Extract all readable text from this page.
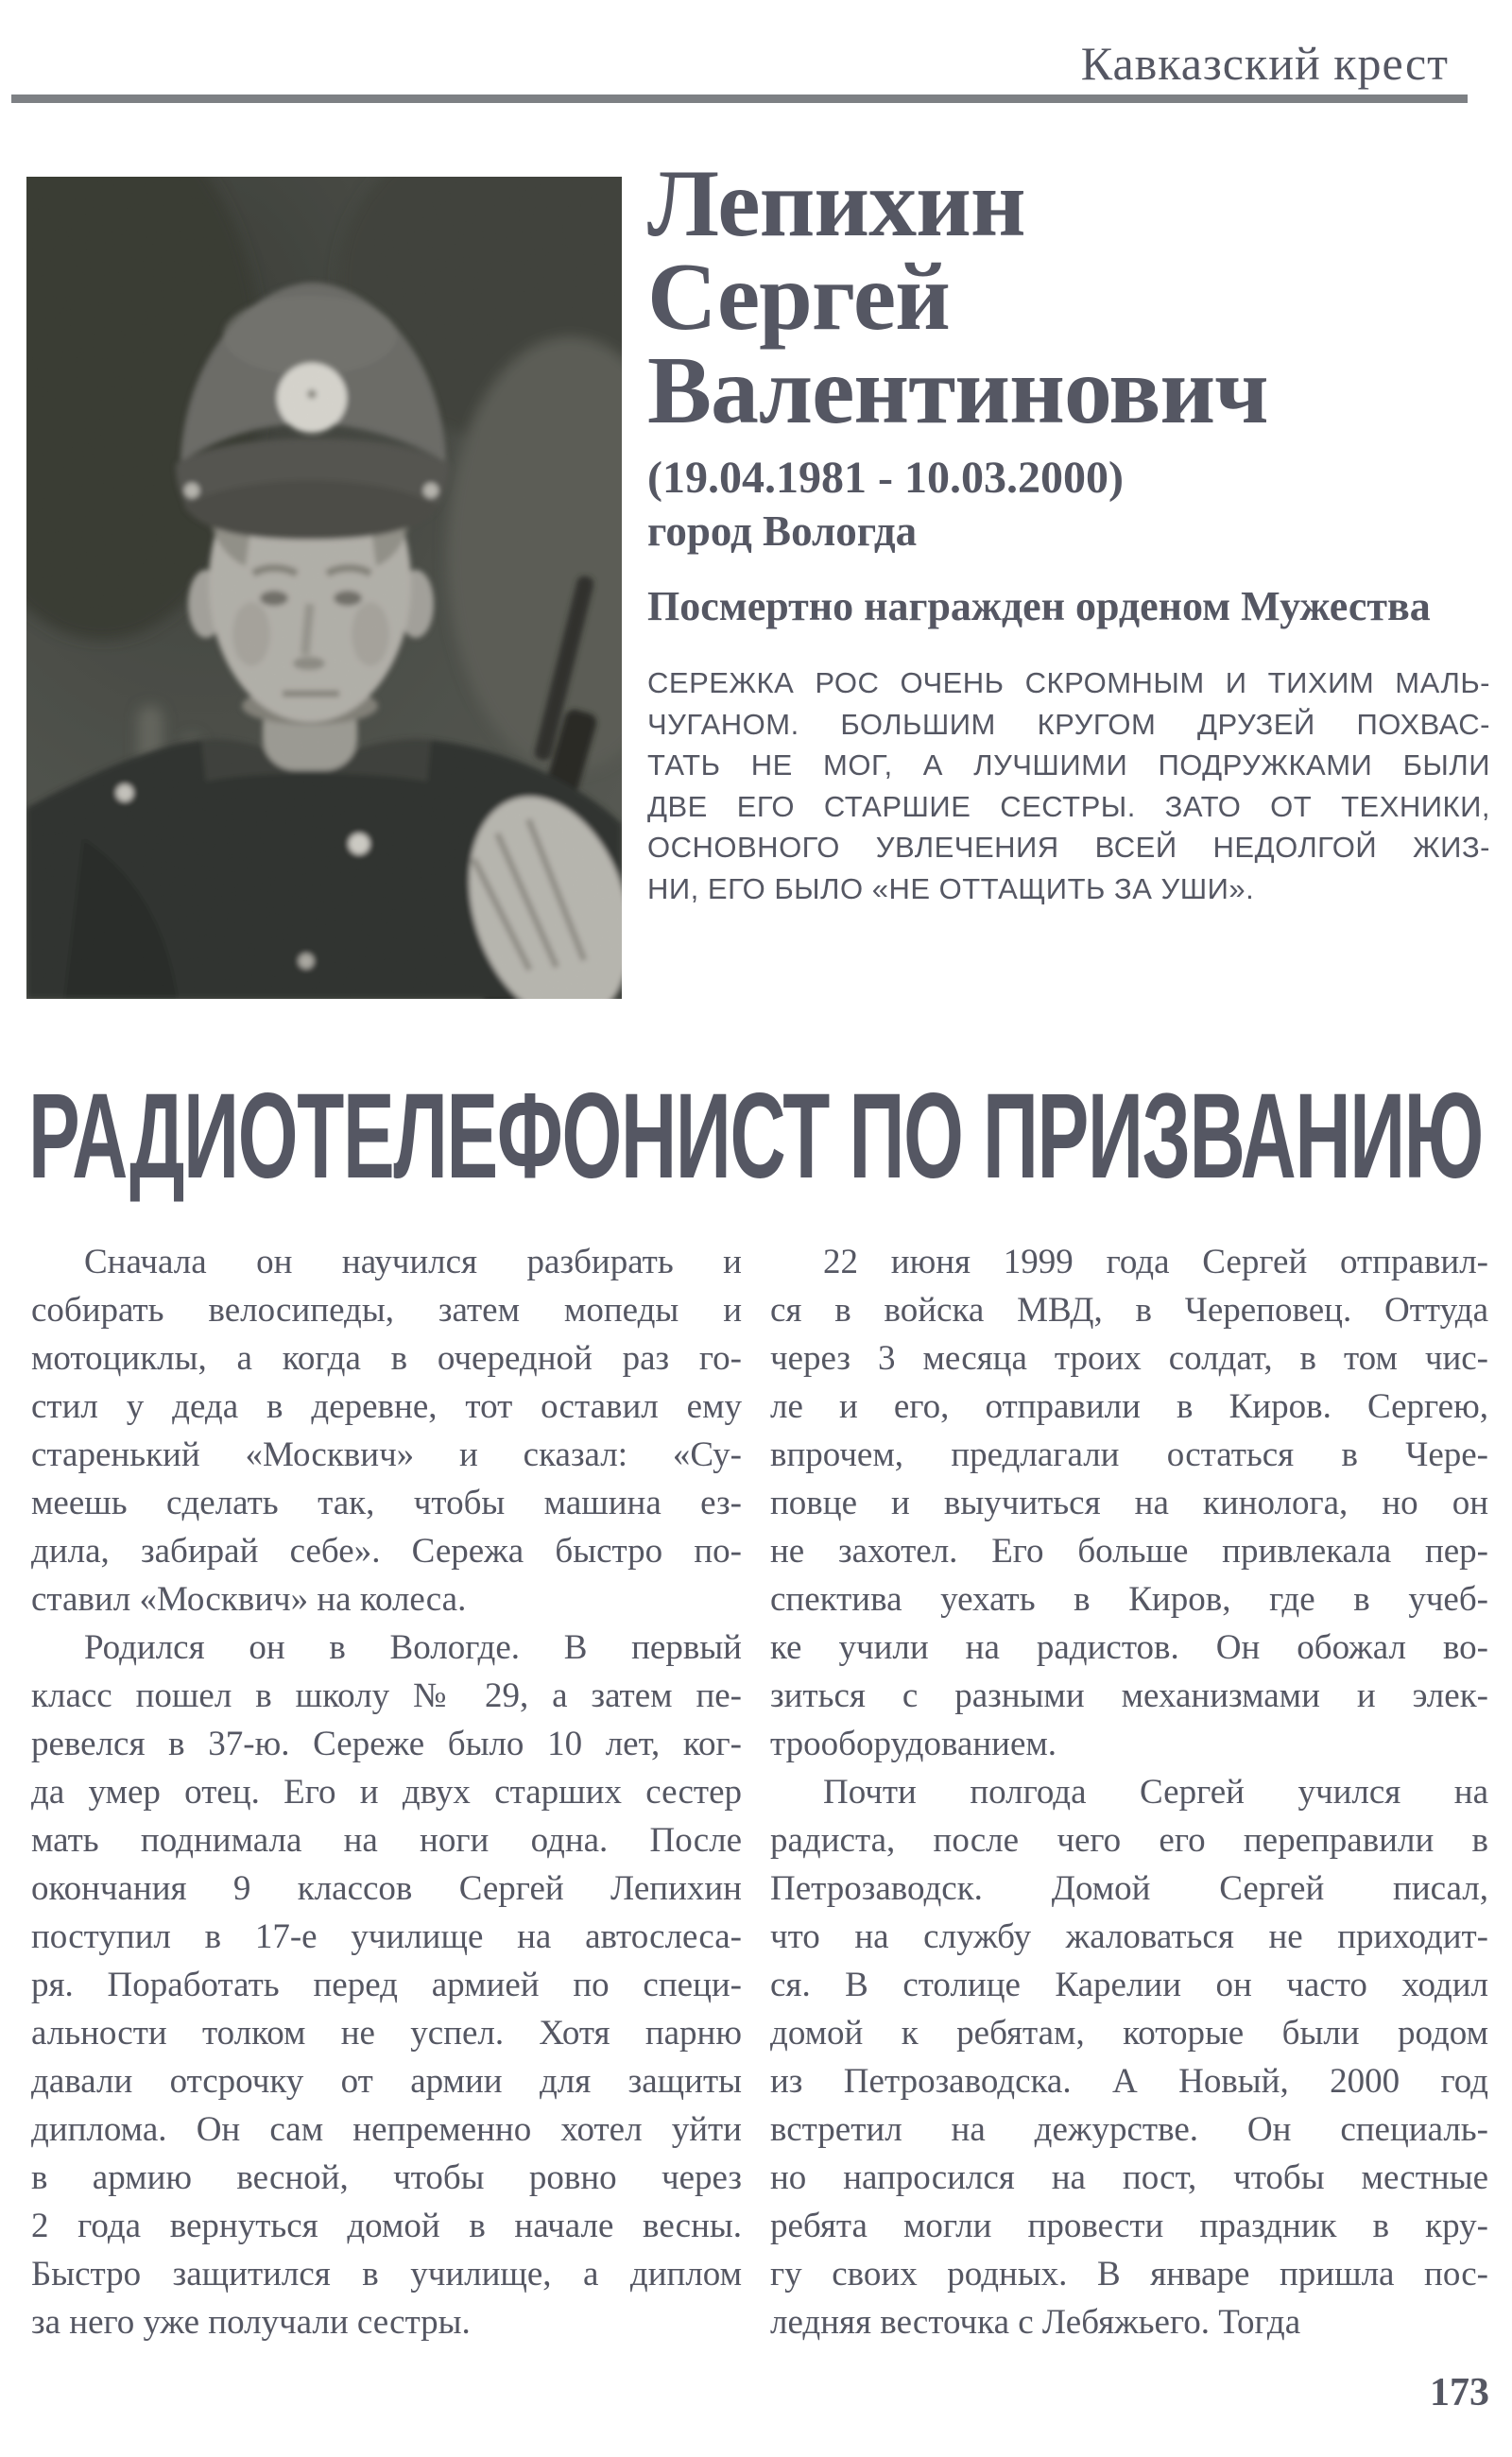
Кавказский крест
Лепихин
Сергей
Валентинович
(19.04.1981 - 10.03.2000)
город Вологда
Посмертно награжден орденом Мужества
СЕРЕЖКА РОС ОЧЕНЬ СКРОМНЫМ И ТИХИМ МАЛЬ-
ЧУГАНОМ. БОЛЬШИМ КРУГОМ ДРУЗЕЙ ПОХВАС-
ТАТЬ НЕ МОГ, А ЛУЧШИМИ ПОДРУЖКАМИ БЫЛИ
ДВЕ ЕГО СТАРШИЕ СЕСТРЫ. ЗАТО ОТ ТЕХНИКИ,
ОСНОВНОГО УВЛЕЧЕНИЯ ВСЕЙ НЕДОЛГОЙ ЖИЗ-
НИ, ЕГО БЫЛО «НЕ ОТТАЩИТЬ ЗА УШИ».
РАДИОТЕЛЕФОНИСТ ПО ПРИЗВАНИЮ
Сначала он научился разбирать и
собирать велосипеды, затем мопеды и
мотоциклы, а когда в очередной раз го-
стил у деда в деревне, тот оставил ему
старенький «Москвич» и сказал: «Су-
меешь сделать так, чтобы машина ез-
дила, забирай себе». Сережа быстро по-
ставил «Москвич» на колеса.
Родился он в Вологде. В первый
класс пошел в школу № 29, а затем пе-
ревелся в 37-ю. Сереже было 10 лет, ког-
да умер отец. Его и двух старших сестер
мать поднимала на ноги одна. После
окончания 9 классов Сергей Лепихин
поступил в 17-е училище на автослеса-
ря. Поработать перед армией по специ-
альности толком не успел. Хотя парню
давали отсрочку от армии для защиты
диплома. Он сам непременно хотел уйти
в армию весной, чтобы ровно через
2 года вернуться домой в начале весны.
Быстро защитился в училище, а диплом
за него уже получали сестры.
22 июня 1999 года Сергей отправил-
ся в войска МВД, в Череповец. Оттуда
через 3 месяца троих солдат, в том чис-
ле и его, отправили в Киров. Сергею,
впрочем, предлагали остаться в Чере-
повце и выучиться на кинолога, но он
не захотел. Его больше привлекала пер-
спектива уехать в Киров, где в учеб-
ке учили на радистов. Он обожал во-
зиться с разными механизмами и элек-
трооборудованием.
Почти полгода Сергей учился на
радиста, после чего его переправили в
Петрозаводск. Домой Сергей писал,
что на службу жаловаться не приходит-
ся. В столице Карелии он часто ходил
домой к ребятам, которые были родом
из Петрозаводска. А Новый, 2000 год
встретил на дежурстве. Он специаль-
но напросился на пост, чтобы местные
ребята могли провести праздник в кру-
гу своих родных. В январе пришла пос-
ледняя весточка с Лебяжьего. Тогда
173
